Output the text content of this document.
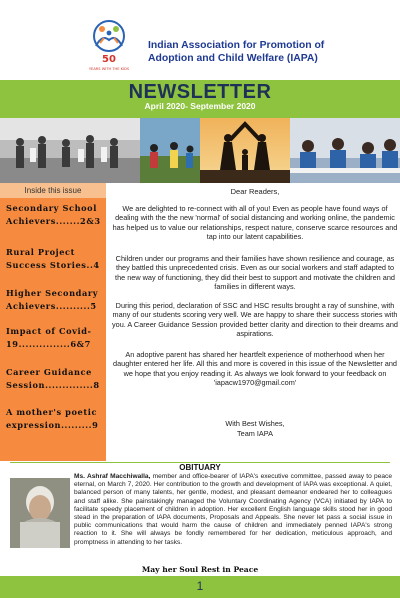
50
YEARS WITH THE KIDS
Indian Association for Promotion of
Adoption and Child Welfare (IAPA)
NEWSLETTER
April 2020- September 2020
Inside this issue
Secondary School
Achievers.......2&3
Rural Project
Success Stories..4
Higher Secondary
Achievers..........5
Impact of Covid-
19...............6&7
Career Guidance
Session..............8
A mother's poetic
expression.........9
Dear Readers,

We are delighted to re-connect with all of you! Even as people have found ways of dealing with the the new 'normal' of social distancing and working online, the pandemic has helped us to value our relationships, respect nature, conserve scarce resources and tap into our latent capabilities.

Children under our programs and their families have shown resilience and courage, as they battled this unprecedented crisis. Even as our social workers and staff adapted to the new way of functioning, they did their best to support and motivate the children and families in different ways.

During this period, declaration of SSC and HSC results brought a ray of sunshine, with many of our students scoring very well. We are happy to share their success stories with you. A Career Guidance Session provided better clarity and direction to their dreams and aspirations.

An adoptive parent has shared her heartfelt experience of motherhood when her daughter entered her life. All this and more is covered in this issue of the Newsletter and we hope that you enjoy reading it. As always we look forward to your feedback on 'iapacw1970@gmail.com'

With Best Wishes,
Team IAPA
OBITUARY
Ms. Ashraf Macchiwalla, member and office-bearer of IAPA's executive committee, passed away to peace eternal, on March 7, 2020. Her contribution to the growth and development of IAPA was exceptional. A quiet, balanced person of many talents, her gentle, modest, and pleasant demeanor endeared her to colleagues and staff alike. She painstakingly managed the Voluntary Coordinating Agency (VCA) initiated by IAPA to facilitate speedy placement of children in adoption. Her excellent English language skills stood her in good stead in the preparation of IAPA documents, Proposals and Appeals. She never let pass a social issue in public communications that would harm the cause of children and immediately penned IAPA's strong reaction to it. She will always be fondly remembered for her dedication, meticulous approach, and promptness in attending to her tasks.
May her Soul Rest in Peace
1
